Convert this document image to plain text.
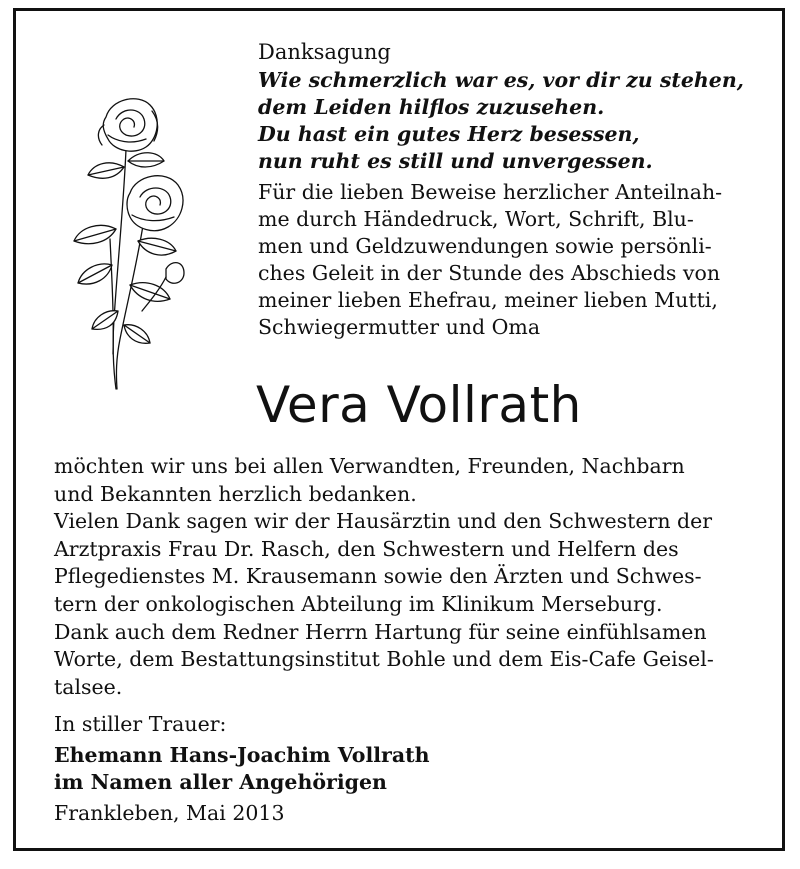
Danksagung

Wie schmerzlich war es, vor dir zu stehen,
dem Leiden hilflos zuzusehen.
Du hast ein gutes Herz besessen,
nun ruht es still und unvergessen.
Für die lieben Beweise herzlicher Anteilnah-
me durch Händedruck, Wort, Schrift, Blu-
men und Geldzuwendungen sowie persönli-
ches Geleit in der Stunde des Abschieds von
meiner lieben Ehefrau, meiner lieben Mutti,
Schwiegermutter und Oma
Vera Vollrath
möchten wir uns bei allen Verwandten, Freunden, Nachbarn
und Bekannten herzlich bedanken.
Vielen Dank sagen wir der Hausärztin und den Schwestern der
Arztpraxis Frau Dr. Rasch, den Schwestern und Helfern des
Pflegedienstes M. Krausemann sowie den Ärzten und Schwes-
tern der onkologischen Abteilung im Klinikum Merseburg.
Dank auch dem Redner Herrn Hartung für seine einfühlsamen
Worte, dem Bestattungsinstitut Bohle und dem Eis-Cafe Geisel-
talsee.
In stiller Trauer:
Ehemann Hans-Joachim Vollrath
im Namen aller Angehörigen
Frankleben, Mai 2013
